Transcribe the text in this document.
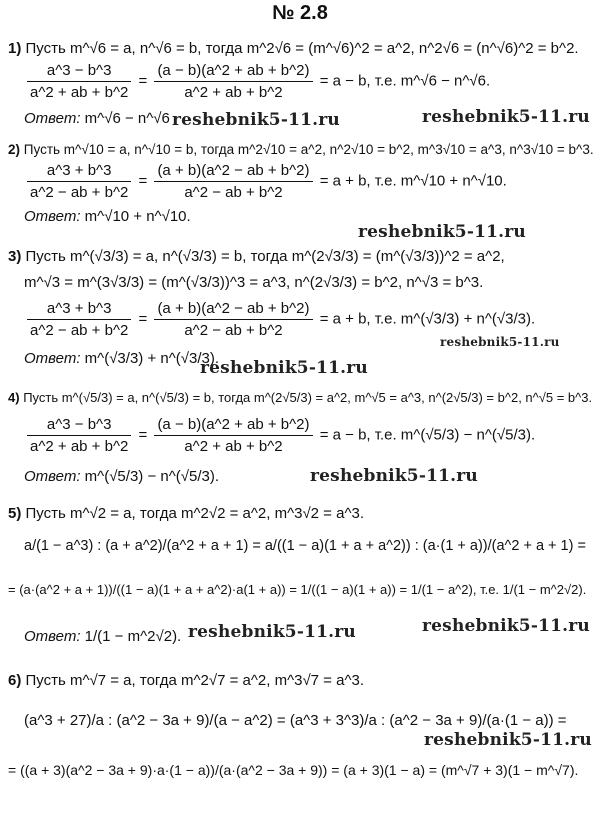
№ 2.8
1) Пусть m^√6 = a, n^√6 = b, тогда m^2√6 = (m^√6)^2 = a^2, n^2√6 = (n^√6)^2 = b^2.
$\frac{a\^{}3 - b\^{}3}{a\^{}2 + ab + b\^{}2} = \frac{(a - b)(a\^{}2 + ab + b\^{}2)}{a\^{}2 + ab + b\^{}2} = a - b$, т.е. m^√6 − n^√6.
Ответ: m^√6 − n^√6 reshebnik5-11.ru	reshebnik5-11.ru
2) Пусть m^√10 = a, n^√10 = b, тогда m^2√10 = a^2, n^2√10 = b^2, m^3√10 = a^3, n^3√10 = b^3.
$\frac{a\^{}3 + b\^{}3}{a\^{}2 - ab + b\^{}2} = \frac{(a + b)(a\^{}2 - ab + b\^{}2)}{a\^{}2 - ab + b\^{}2} = a + b$, т.е. m^√10 + n^√10.
Ответ: m^√10 + n^√10.
reshebnik5-11.ru
3) Пусть m^(√3/3) = a, n^(√3/3) = b, тогда m^(2√3/3) = (m^(√3/3))^2 = a^2,
m^√3 = m^(3√3/3) = (m^(√3/3))^3 = a^3, n^(2√3/3) = b^2, n^√3 = b^3.
$\frac{a\^{}3 + b\^{}3}{a\^{}2 - ab + b\^{}2} = \frac{(a + b)(a\^{}2 - ab + b\^{}2)}{a\^{}2 - ab + b\^{}2} = a + b$, т.е. m^(√3/3) + n^(√3/3).
Ответ: m^(√3/3) + n^(√3/3).
reshebnik5-11.ru
reshebnik5-11.ru
4) Пусть m^(√5/3) = a, n^(√5/3) = b, тогда m^(2√5/3) = a^2, m^√5 = a^3, n^(2√5/3) = b^2, n^√5 = b^3.
$\frac{a\^{}3 - b\^{}3}{a\^{}2 + ab + b\^{}2} = \frac{(a - b)(a\^{}2 + ab + b\^{}2)}{a\^{}2 + ab + b\^{}2} = a - b$, т.е. m^(√5/3) − n^(√5/3).
Ответ: m^(√5/3) − n^(√5/3).	reshebnik5-11.ru
5) Пусть m^√2 = a, тогда m^2√2 = a^2, m^3√2 = a^3.
a/(1 − a^3) : (a + a^2)/(a^2 + a + 1) = a/((1 − a)(1 + a + a^2)) : (a·(1 + a))/(a^2 + a + 1) =
= (a·(a^2 + a + 1))/((1 − a)(1 + a + a^2)·a(1 + a)) = 1/((1 − a)(1 + a)) = 1/(1 − a^2), т.е. 1/(1 − m^2√2).
Ответ: 1/(1 − m^2√2). reshebnik5-11.ru	reshebnik5-11.ru
6) Пусть m^√7 = a, тогда m^2√7 = a^2, m^3√7 = a^3.
(a^3 + 27)/a : (a^2 − 3a + 9)/(a − a^2) = (a^3 + 3^3)/a : (a^2 − 3a + 9)/(a·(1 − a)) =
reshebnik5-11.ru
= ((a + 3)(a^2 − 3a + 9)·a·(1 − a))/(a·(a^2 − 3a + 9)) = (a + 3)(1 − a) = (m^√7 + 3)(1 − m^√7).
